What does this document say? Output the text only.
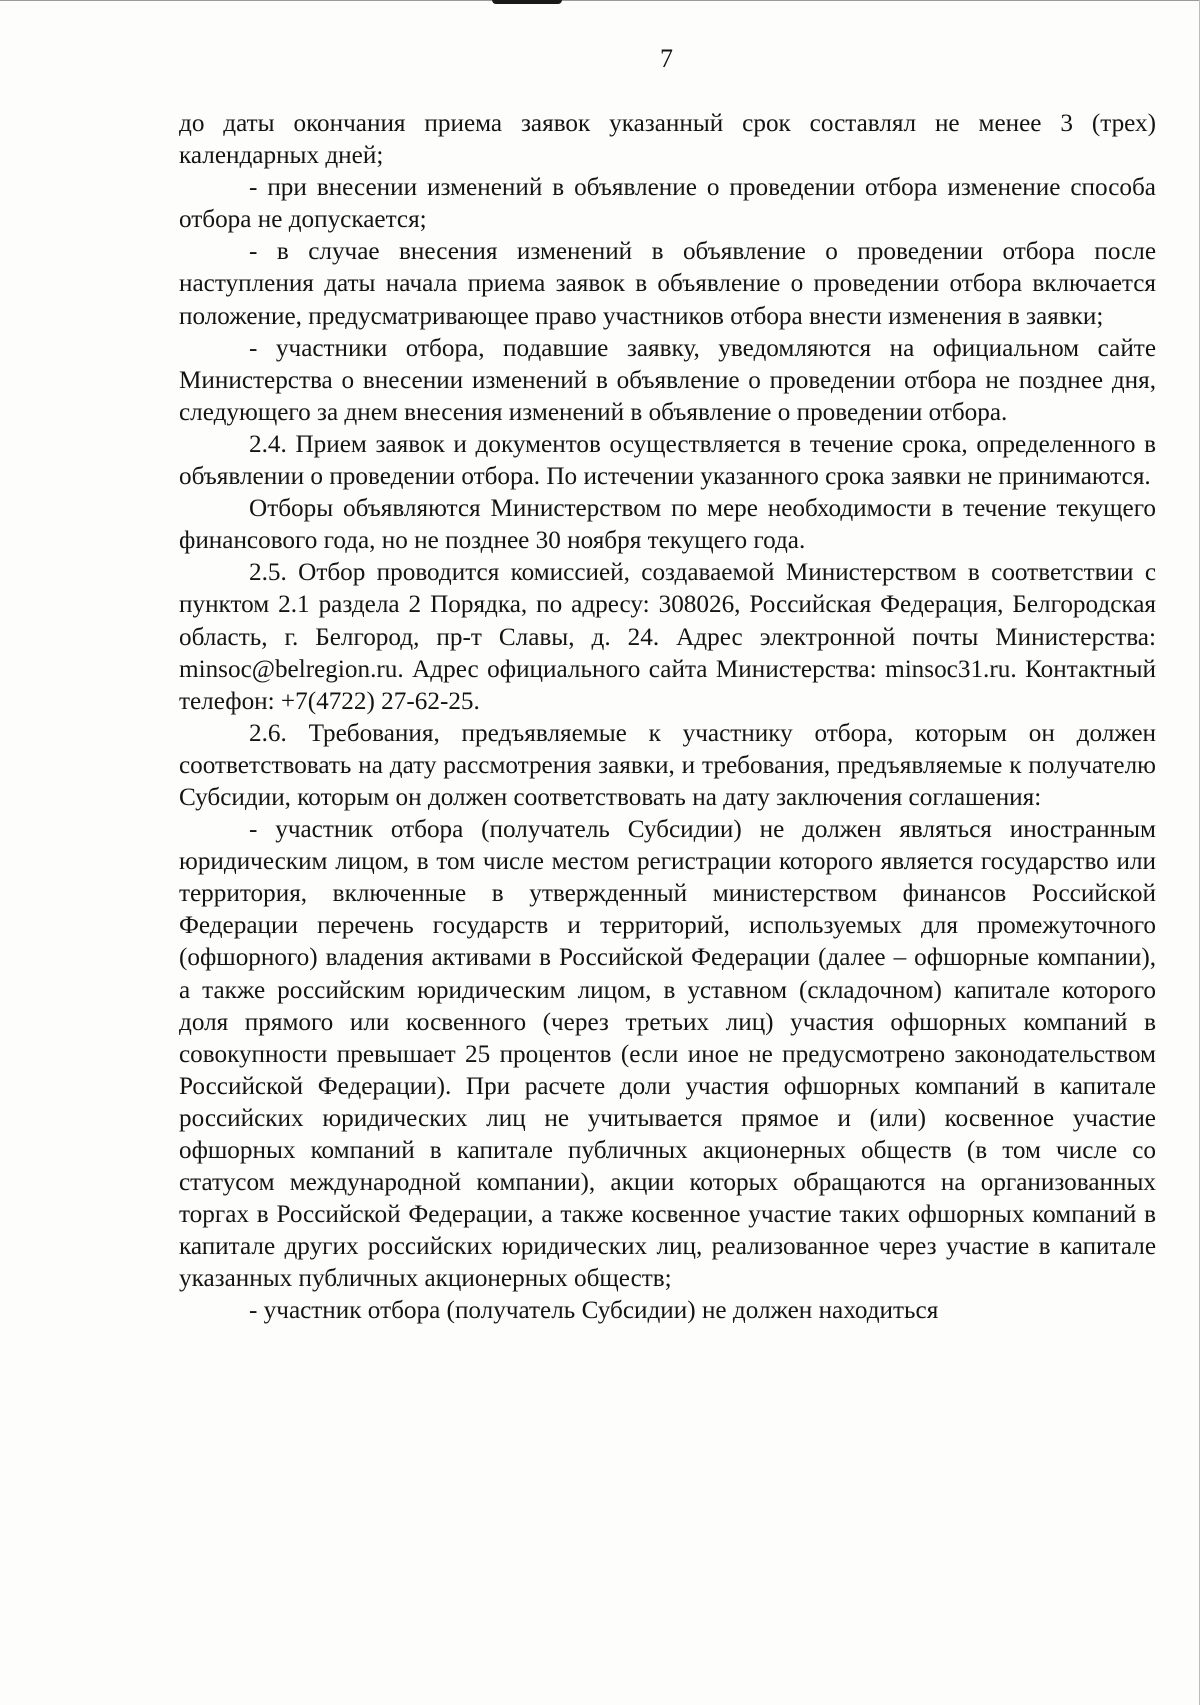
7

до даты окончания приема заявок указанный срок составлял не менее 3 (трех) календарных дней;

- при внесении изменений в объявление о проведении отбора изменение способа отбора не допускается;

- в случае внесения изменений в объявление о проведении отбора после наступления даты начала приема заявок в объявление о проведении отбора включается положение, предусматривающее право участников отбора внести изменения в заявки;

- участники отбора, подавшие заявку, уведомляются на официальном сайте Министерства о внесении изменений в объявление о проведении отбора не позднее дня, следующего за днем внесения изменений в объявление о проведении отбора.

2.4. Прием заявок и документов осуществляется в течение срока, определенного в объявлении о проведении отбора. По истечении указанного срока заявки не принимаются.

Отборы объявляются Министерством по мере необходимости в течение текущего финансового года, но не позднее 30 ноября текущего года.

2.5. Отбор проводится комиссией, создаваемой Министерством в соответствии с пунктом 2.1 раздела 2 Порядка, по адресу: 308026, Российская Федерация, Белгородская область, г. Белгород, пр-т Славы, д. 24. Адрес электронной почты Министерства: minsoc@belregion.ru. Адрес официального сайта Министерства: minsoc31.ru. Контактный телефон: +7(4722) 27-62-25.

2.6. Требования, предъявляемые к участнику отбора, которым он должен соответствовать на дату рассмотрения заявки, и требования, предъявляемые к получателю Субсидии, которым он должен соответствовать на дату заключения соглашения:

- участник отбора (получатель Субсидии) не должен являться иностранным юридическим лицом, в том числе местом регистрации которого является государство или территория, включенные в утвержденный министерством финансов Российской Федерации перечень государств и территорий, используемых для промежуточного (офшорного) владения активами в Российской Федерации (далее – офшорные компании), а также российским юридическим лицом, в уставном (складочном) капитале которого доля прямого или косвенного (через третьих лиц) участия офшорных компаний в совокупности превышает 25 процентов (если иное не предусмотрено законодательством Российской Федерации). При расчете доли участия офшорных компаний в капитале российских юридических лиц не учитывается прямое и (или) косвенное участие офшорных компаний в капитале публичных акционерных обществ (в том числе со статусом международной компании), акции которых обращаются на организованных торгах в Российской Федерации, а также косвенное участие таких офшорных компаний в капитале других российских юридических лиц, реализованное через участие в капитале указанных публичных акционерных обществ;

- участник отбора (получатель Субсидии) не должен находиться
